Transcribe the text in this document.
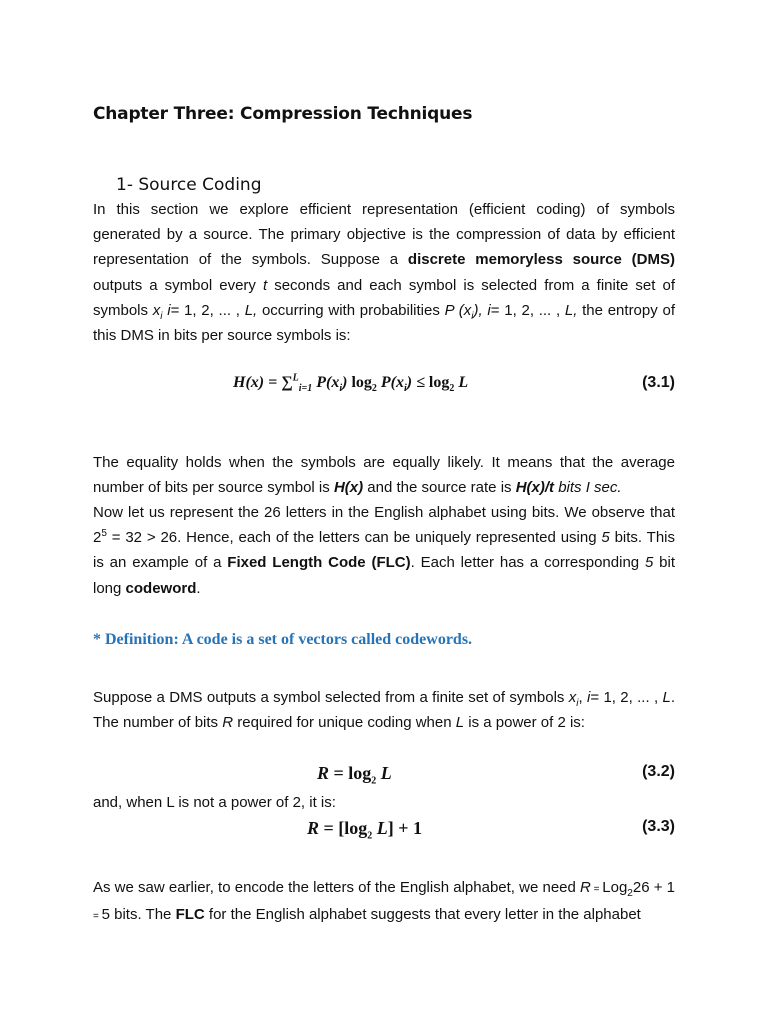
Chapter Three: Compression Techniques
1- Source Coding
In this section we explore efficient representation (efficient coding) of symbols generated by a source. The primary objective is the compression of data by efficient representation of the symbols. Suppose a discrete memoryless source (DMS) outputs a symbol every t seconds and each symbol is selected from a finite set of symbols $x_i$ i= 1, 2, ... , L, occurring with probabilities P $(x_i)$, i= 1, 2, ... , L, the entropy of this DMS in bits per source symbols is:
H(x) = ∑$^L_{i=1}$ $P(x_i)$ $\log_2 P(x_i) \le \log_2 L$	(3.1)
The equality holds when the symbols are equally likely. It means that the average number of bits per source symbol is H(x) and the source rate is H(x)/t bits I sec.
Now let us represent the 26 letters in the English alphabet using bits. We observe that $2^5 = 32 > 26$. Hence, each of the letters can be uniquely represented using 5 bits. This is an example of a Fixed Length Code (FLC). Each letter has a corresponding 5 bit long codeword.
* Definition: A code is a set of vectors called codewords.
Suppose a DMS outputs a symbol selected from a finite set of symbols $x_i$, i= 1, 2, ... , L. The number of bits R required for unique coding when L is a power of 2 is:
$R = \log_2 L$	(3.2)
and, when L is not a power of 2, it is:
$R = [\log_2$ L] + 1	(3.3)
As we saw earlier, to encode the letters of the English alphabet, we need R = Log$_2$26 + 1 = 5 bits. The FLC for the English alphabet suggests that every letter in the alphabet
